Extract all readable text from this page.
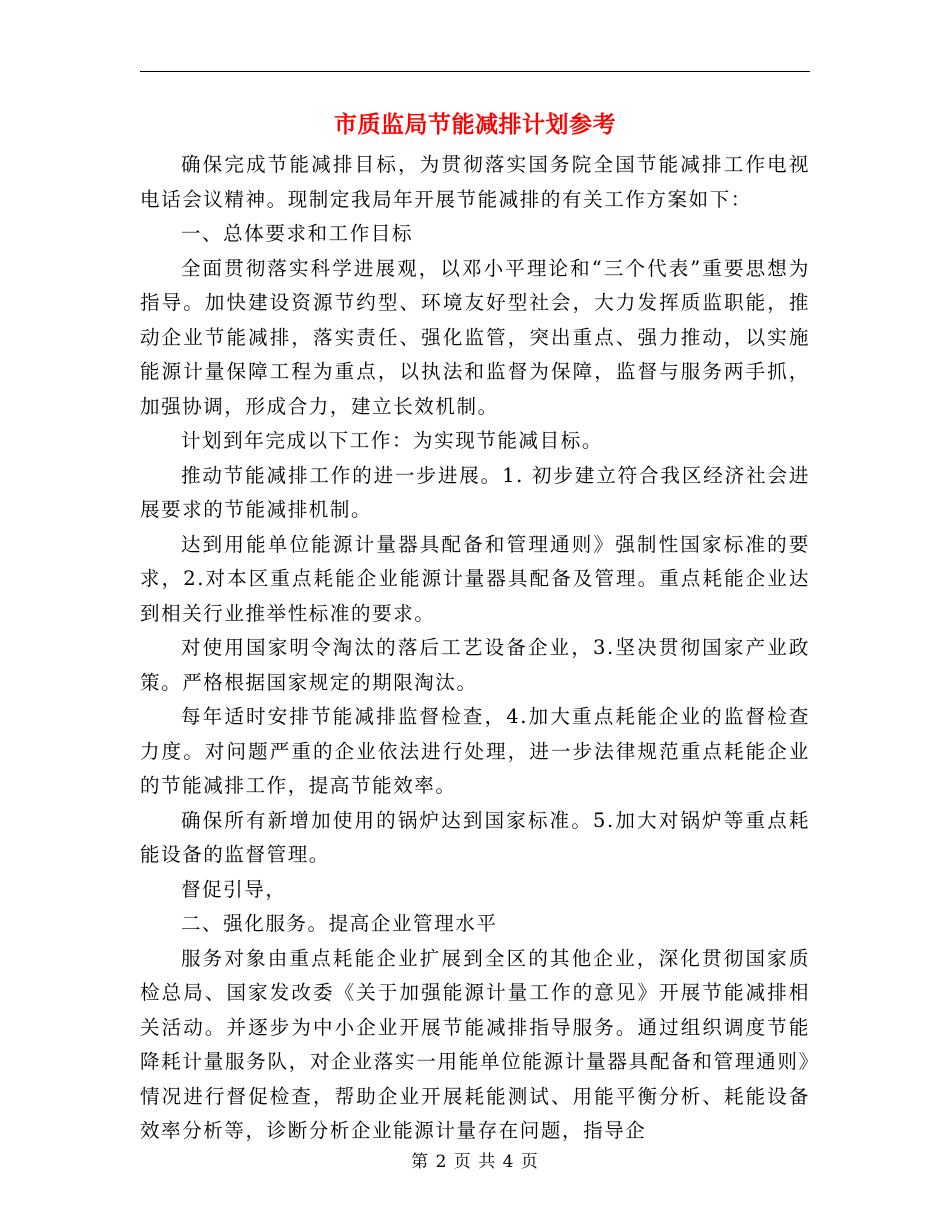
市质监局节能减排计划参考

确保完成节能减排目标，为贯彻落实国务院全国节能减排工作电视电话会议精神。现制定我局年开展节能减排的有关工作方案如下：

一、总体要求和工作目标

全面贯彻落实科学进展观，以邓小平理论和“三个代表”重要思想为指导。加快建设资源节约型、环境友好型社会，大力发挥质监职能，推动企业节能减排，落实责任、强化监管，突出重点、强力推动，以实施能源计量保障工程为重点，以执法和监督为保障，监督与服务两手抓，加强协调，形成合力，建立长效机制。

计划到年完成以下工作：为实现节能减目标。

推动节能减排工作的进一步进展。1. 初步建立符合我区经济社会进展要求的节能减排机制。

达到用能单位能源计量器具配备和管理通则》强制性国家标准的要求，2.对本区重点耗能企业能源计量器具配备及管理。重点耗能企业达到相关行业推举性标准的要求。

对使用国家明令淘汰的落后工艺设备企业，3.坚决贯彻国家产业政策。严格根据国家规定的期限淘汰。

每年适时安排节能减排监督检查，4.加大重点耗能企业的监督检查力度。对问题严重的企业依法进行处理，进一步法律规范重点耗能企业的节能减排工作，提高节能效率。

确保所有新增加使用的锅炉达到国家标准。5.加大对锅炉等重点耗能设备的监督管理。

督促引导，

二、强化服务。提高企业管理水平

服务对象由重点耗能企业扩展到全区的其他企业，深化贯彻国家质检总局、国家发改委《关于加强能源计量工作的意见》开展节能减排相关活动。并逐步为中小企业开展节能减排指导服务。通过组织调度节能降耗计量服务队，对企业落实一用能单位能源计量器具配备和管理通则》情况进行督促检查，帮助企业开展耗能测试、用能平衡分析、耗能设备效率分析等，诊断分析企业能源计量存在问题，指导企

第 2 页 共 4 页
